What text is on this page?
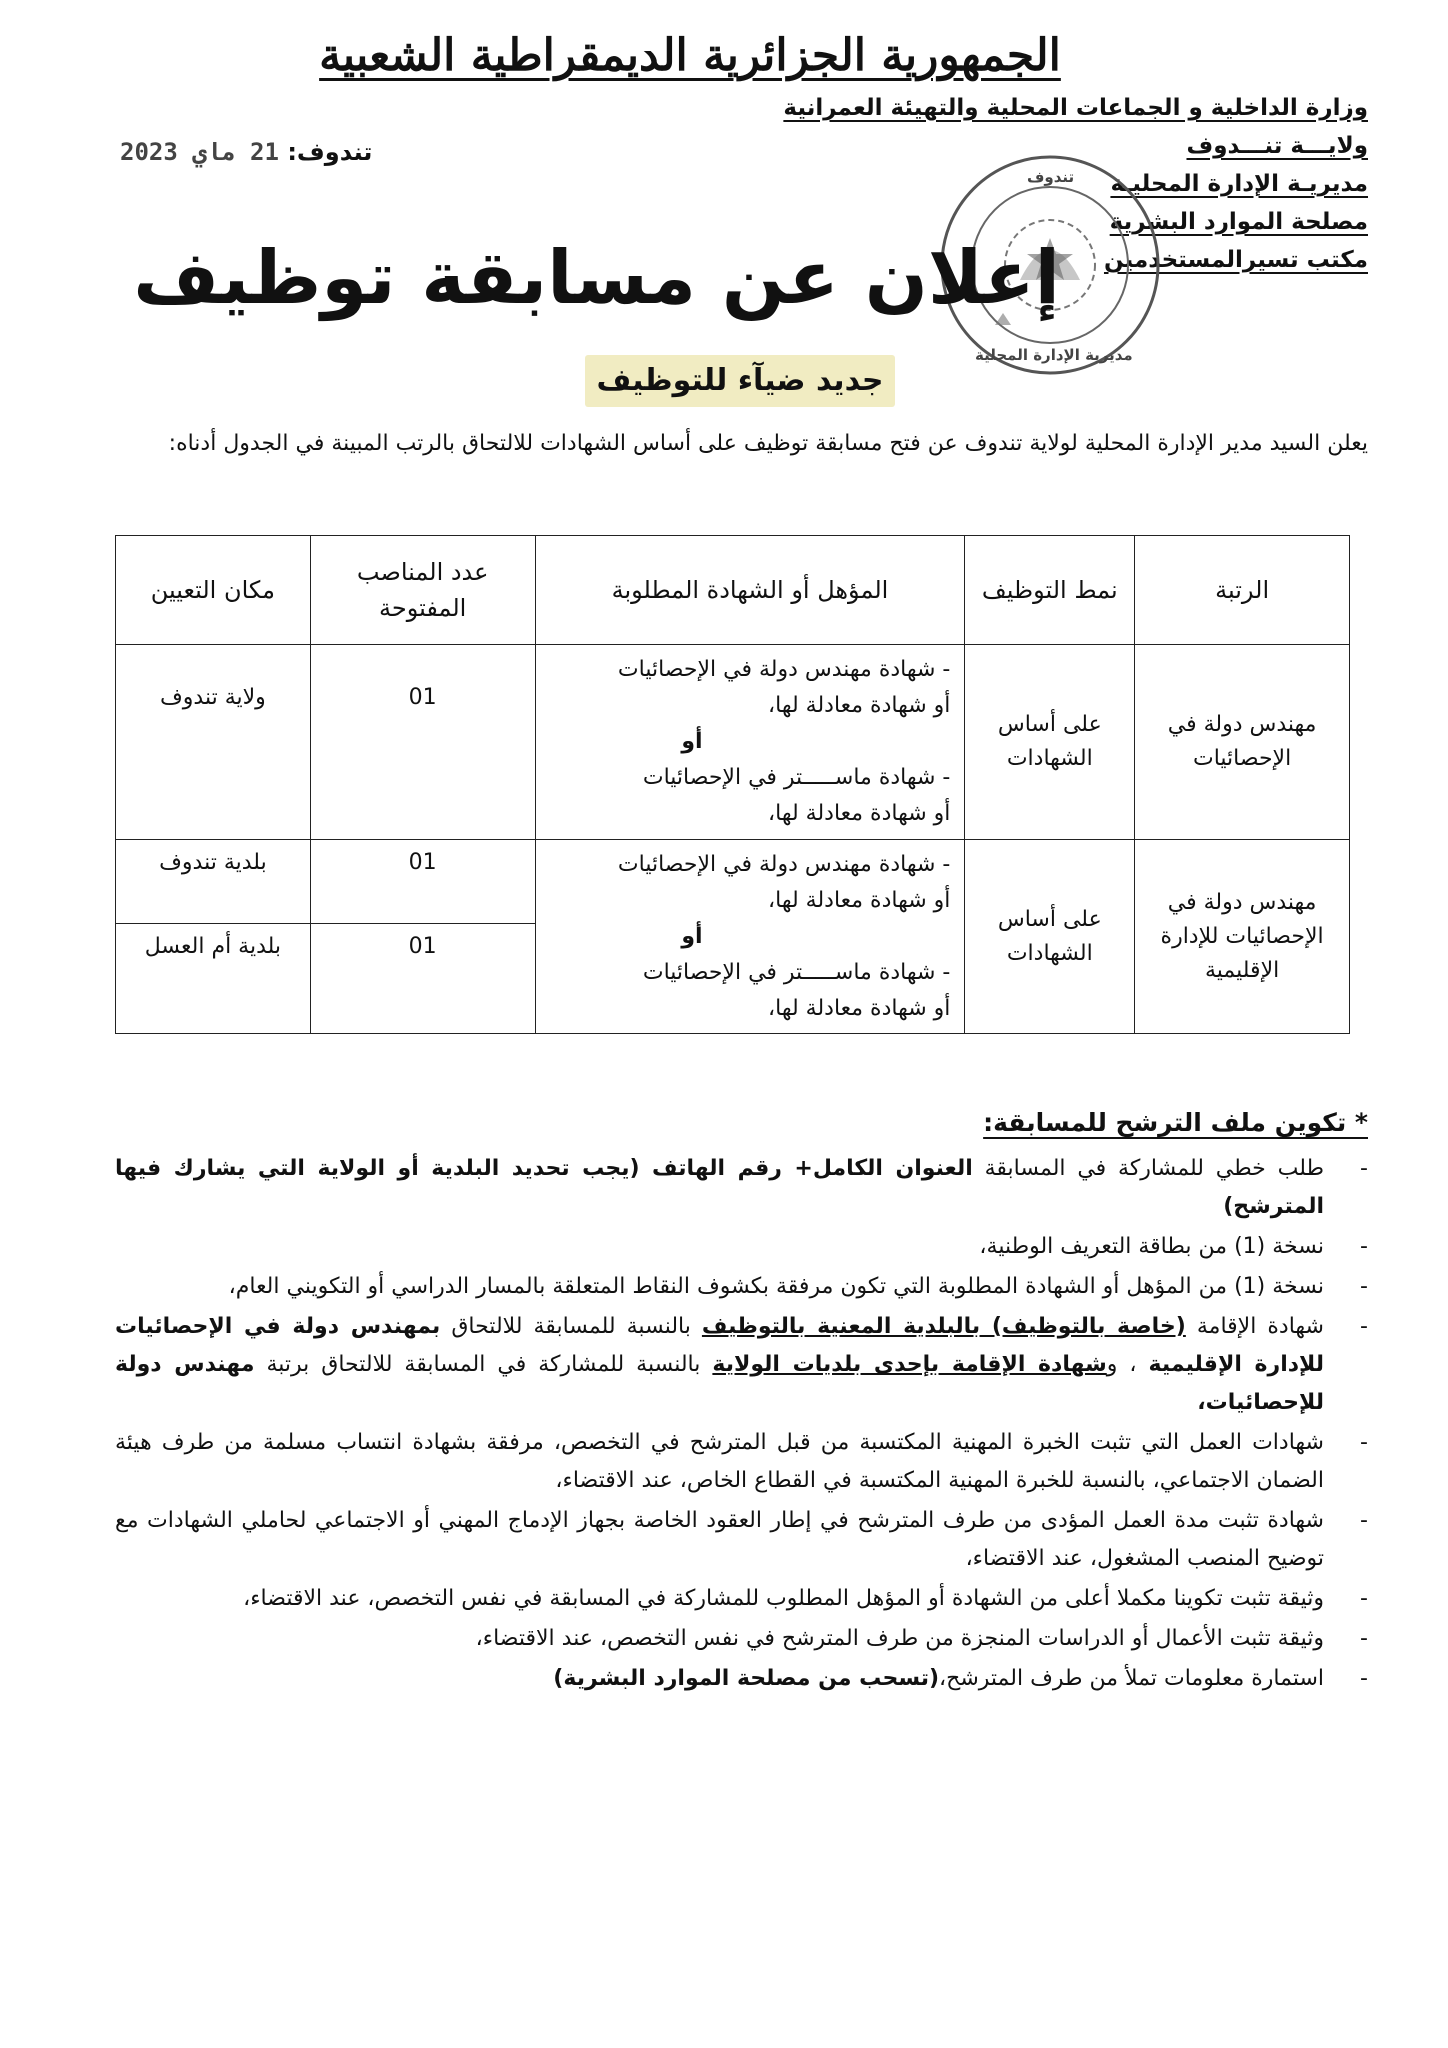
الجمهورية الجزائرية الديمقراطية الشعبية
وزارة الداخلية و الجماعات المحلية والتهيئة العمرانية
ولايـــة تنـــدوف
مديريـة الإدارة المحليـة
مصلحة الموارد البشرية
مكتب تسيرالمستخدمين
تندوف: 21 ماي 2023
تندوف
مديرية الإدارة المحلية
إعلان عن مسابقة توظيف
جديد ضيآء للتوظيف
يعلن السيد مدير الإدارة المحلية لولاية تندوف عن فتح مسابقة توظيف على أساس الشهادات للالتحاق بالرتب المبينة في الجدول أدناه:
الرتبة	نمط التوظيف	المؤهل أو الشهادة المطلوبة	عدد المناصب المفتوحة	مكان التعيين
مهندس دولة في الإحصائيات	على أساس الشهادات	- شهادة مهندس دولة في الإحصائيات
أو شهادة معادلة لها،
أو
- شهادة ماســـــتر في الإحصائيات
أو شهادة معادلة لها،	01	ولاية تندوف
مهندس دولة في الإحصائيات للإدارة الإقليمية	على أساس الشهادات	- شهادة مهندس دولة في الإحصائيات
أو شهادة معادلة لها،
أو
- شهادة ماســـــتر في الإحصائيات
أو شهادة معادلة لها،	01	بلدية تندوف
			01	بلدية أم العسل
* تكوين ملف الترشح للمسابقة:
- طلب خطي للمشاركة في المسابقة العنوان الكامل+ رقم الهاتف (يجب تحديد البلدية أو الولاية التي يشارك فيها المترشح)
- نسخة (1) من بطاقة التعريف الوطنية،
- نسخة (1) من المؤهل أو الشهادة المطلوبة التي تكون مرفقة بكشوف النقاط المتعلقة بالمسار الدراسي أو التكويني العام،
- شهادة الإقامة (خاصة بالتوظيف) بالبلدية المعنية بالتوظيف بالنسبة للمسابقة للالتحاق بمهندس دولة في الإحصائيات للإدارة الإقليمية ، وشهادة الإقامة بإحدى بلديات الولاية بالنسبة للمشاركة في المسابقة للالتحاق برتبة مهندس دولة للإحصائيات،
- شهادات العمل التي تثبت الخبرة المهنية المكتسبة من قبل المترشح في التخصص، مرفقة بشهادة انتساب مسلمة من طرف هيئة الضمان الاجتماعي، بالنسبة للخبرة المهنية المكتسبة في القطاع الخاص، عند الاقتضاء،
- شهادة تثبت مدة العمل المؤدى من طرف المترشح في إطار العقود الخاصة بجهاز الإدماج المهني أو الاجتماعي لحاملي الشهادات مع توضيح المنصب المشغول، عند الاقتضاء،
- وثيقة تثبت تكوينا مكملا أعلى من الشهادة أو المؤهل المطلوب للمشاركة في المسابقة في نفس التخصص، عند الاقتضاء،
- وثيقة تثبت الأعمال أو الدراسات المنجزة من طرف المترشح في نفس التخصص، عند الاقتضاء،
- استمارة معلومات تملأ من طرف المترشح،(تسحب من مصلحة الموارد البشرية)
